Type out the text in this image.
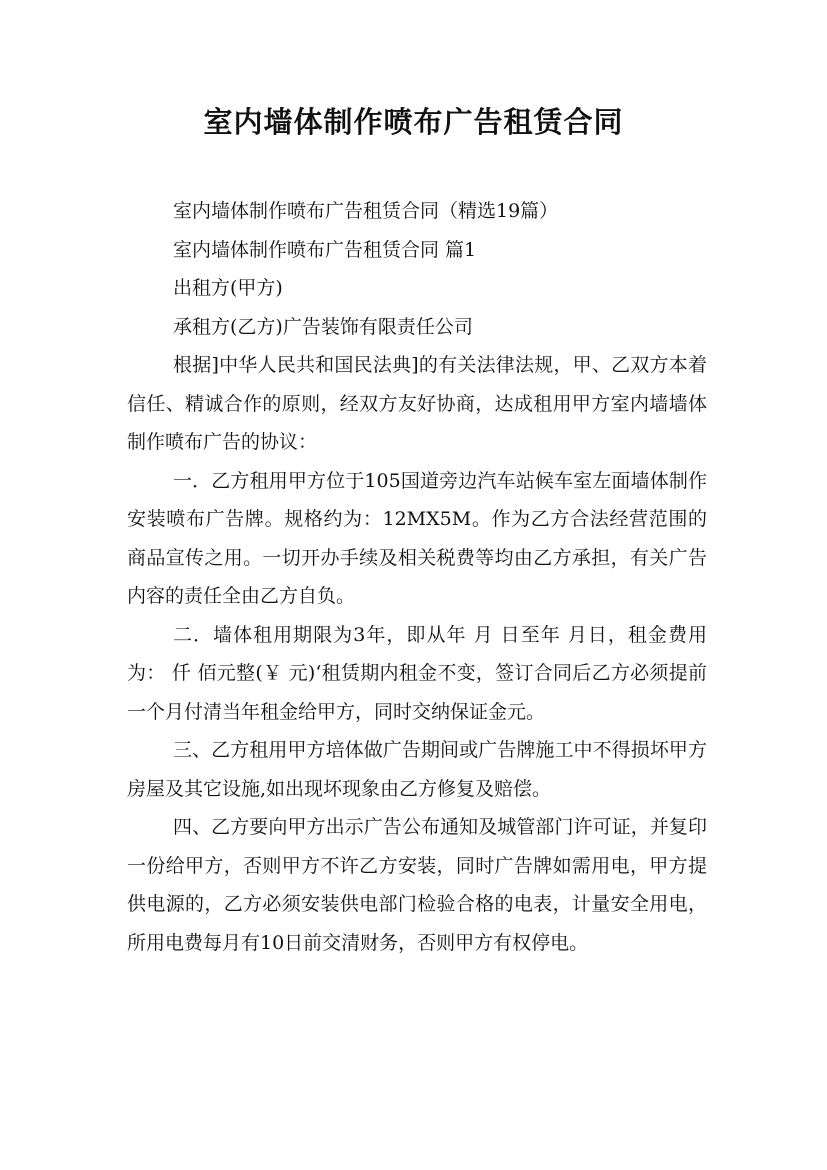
室内墙体制作喷布广告租赁合同

室内墙体制作喷布广告租赁合同（精选19篇）

室内墙体制作喷布广告租赁合同 篇1

出租方(甲方)

承租方(乙方)广告装饰有限责任公司

根据]中华人民共和国民法典]的有关法律法规，甲、乙双方本着信任、精诚合作的原则，经双方友好协商，达成租用甲方室内墙墙体制作喷布广告的协议：

一．乙方租用甲方位于105国道旁边汽车站候车室左面墙体制作安装喷布广告牌。规格约为：12MX5M。作为乙方合法经营范围的商品宣传之用。一切开办手续及相关税费等均由乙方承担，有关广告内容的责任全由乙方自负。

二．墙体租用期限为3年，即从年 月 日至年 月日，租金费用为： 仟 佰元整(￥ 元)‘租赁期内租金不变，签订合同后乙方必须提前一个月付清当年租金给甲方，同时交纳保证金元。

三、乙方租用甲方培体做广告期间或广告牌施工中不得损坏甲方房屋及其它设施,如出现坏现象由乙方修复及赔偿。

四、乙方要向甲方出示广告公布通知及城管部门许可证，并复印一份给甲方，否则甲方不许乙方安装，同时广告牌如需用电，甲方提供电源的，乙方必须安装供电部门检验合格的电表，计量安全用电，所用电费每月有10日前交清财务，否则甲方有权停电。
